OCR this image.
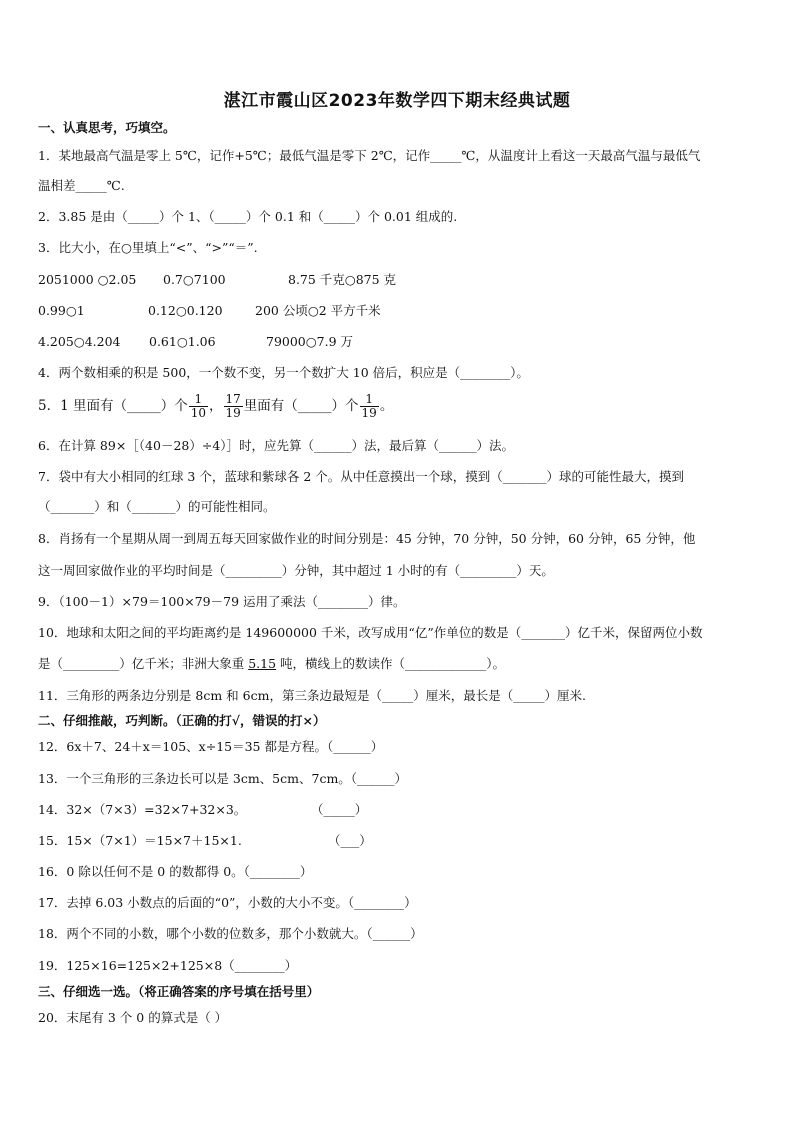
湛江市霞山区2023年数学四下期末经典试题
一、认真思考，巧填空。
1．某地最高气温是零上 5℃，记作+5℃；最低气温是零下 2℃，记作_____℃，从温度计上看这一天最高气温与最低气
温相差_____℃.
2．3.85 是由（_____）个 1、（_____）个 0.1 和（_____）个 0.01 组成的.
3．比大小，在○里填上“<”、“>”“＝”.
2051000 ○2.05 0.7○7100	8.75 千克○875 克
0.99○1	0.12○0.120	200 公顷○2 平方千米
4.205○4.204 0.61○1.06	79000○7.9 万
4．两个数相乘的积是 500，一个数不变，另一个数扩大 10 倍后，积应是（________）。
5．1 里面有（_____）个 $\frac{1}{10}$ ， $\frac{17}{19}$ 里面有（_____）个 $\frac{1}{19}$ 。
6．在计算 89×［（40－28）÷4）］时，应先算（______）法，最后算（______）法。
7．袋中有大小相同的红球 3 个，蓝球和紫球各 2 个。从中任意摸出一个球，摸到（_______）球的可能性最大，摸到
（_______）和（_______）的可能性相同。
8．肖扬有一个星期从周一到周五每天回家做作业的时间分别是：45 分钟，70 分钟，50 分钟，60 分钟，65 分钟，他
这一周回家做作业的平均时间是（_________）分钟，其中超过 1 小时的有（_________）天。
9．（100－1）×79＝100×79－79 运用了乘法（________）律。
10．地球和太阳之间的平均距离约是 149600000 千米，改写成用“亿”作单位的数是（_______）亿千米，保留两位小数
是（_________）亿千米；非洲大象重 5.15 吨，横线上的数读作（_____________）。
11．三角形的两条边分别是 8cm 和 6cm，第三条边最短是（_____）厘米，最长是（_____）厘米.
二、仔细推敲，巧判断。（正确的打√，错误的打×）
12．6x＋7、24＋x＝105、x÷15＝35 都是方程。（______）
13．一个三角形的三条边长可以是 3cm、5cm、7cm。（______）
14．32×（7×3）=32×7+32×3。	（_____）
15．15×（7×1）＝15×7＋15×1.	（___）
16．0 除以任何不是 0 的数都得 0。（________）
17．去掉 6.03 小数点的后面的“0”，小数的大小不变。（________）
18．两个不同的小数，哪个小数的位数多，那个小数就大。（______）
19．125×16=125×2+125×8（________）
三、仔细选一选。（将正确答案的序号填在括号里）
20．末尾有 3 个 0 的算式是（ ）
